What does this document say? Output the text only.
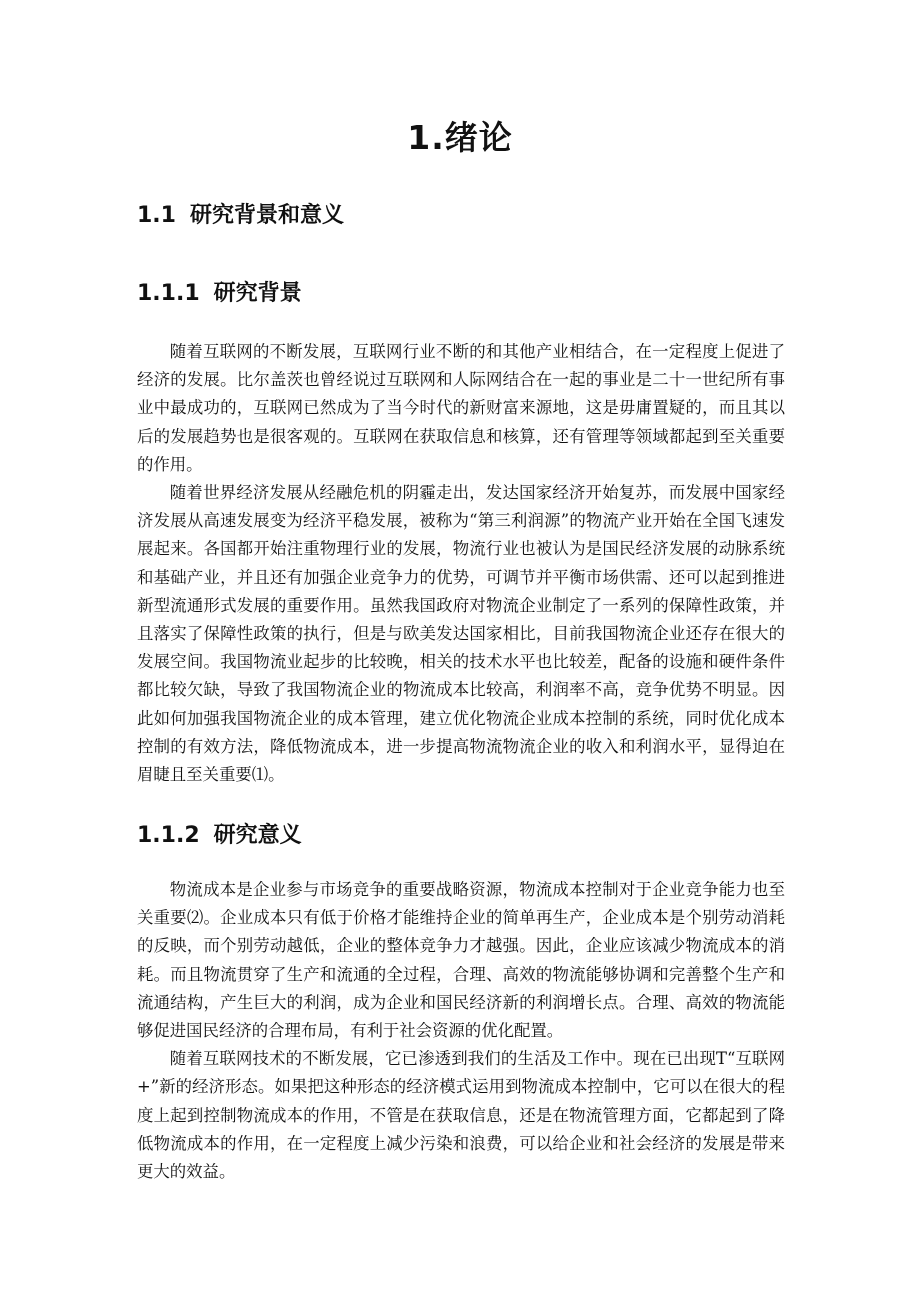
1.绪论
1.1 研究背景和意义
1.1.1 研究背景

随着互联网的不断发展，互联网行业不断的和其他产业相结合，在一定程度上促进了经济的发展。比尔盖茨也曾经说过互联网和人际网结合在一起的事业是二十一世纪所有事业中最成功的，互联网已然成为了当今时代的新财富来源地，这是毋庸置疑的，而且其以后的发展趋势也是很客观的。互联网在获取信息和核算，还有管理等领域都起到至关重要的作用。

随着世界经济发展从经融危机的阴霾走出，发达国家经济开始复苏，而发展中国家经济发展从高速发展变为经济平稳发展，被称为“第三利润源”的物流产业开始在全国飞速发展起来。各国都开始注重物理行业的发展，物流行业也被认为是国民经济发展的动脉系统和基础产业，并且还有加强企业竞争力的优势，可调节并平衡市场供需、还可以起到推进新型流通形式发展的重要作用。虽然我国政府对物流企业制定了一系列的保障性政策，并且落实了保障性政策的执行，但是与欧美发达国家相比，目前我国物流企业还存在很大的发展空间。我国物流业起步的比较晚，相关的技术水平也比较差，配备的设施和硬件条件都比较欠缺，导致了我国物流企业的物流成本比较高，利润率不高，竞争优势不明显。因此如何加强我国物流企业的成本管理，建立优化物流企业成本控制的系统，同时优化成本控制的有效方法，降低物流成本，进一步提高物流物流企业的收入和利润水平，显得迫在眉睫且至关重要⑴。

1.1.2 研究意义

物流成本是企业参与市场竞争的重要战略资源，物流成本控制对于企业竞争能力也至关重要⑵。企业成本只有低于价格才能维持企业的简单再生产，企业成本是个别劳动消耗的反映，而个别劳动越低，企业的整体竞争力才越强。因此，企业应该减少物流成本的消耗。而且物流贯穿了生产和流通的全过程，合理、高效的物流能够协调和完善整个生产和流通结构，产生巨大的利润，成为企业和国民经济新的利润增长点。合理、高效的物流能够促进国民经济的合理布局，有利于社会资源的优化配置。

随着互联网技术的不断发展，它已渗透到我们的生活及工作中。现在已出现T“互联网+”新的经济形态。如果把这种形态的经济模式运用到物流成本控制中，它可以在很大的程度上起到控制物流成本的作用，不管是在获取信息，还是在物流管理方面，它都起到了降低物流成本的作用，在一定程度上减少污染和浪费，可以给企业和社会经济的发展是带来更大的效益。
